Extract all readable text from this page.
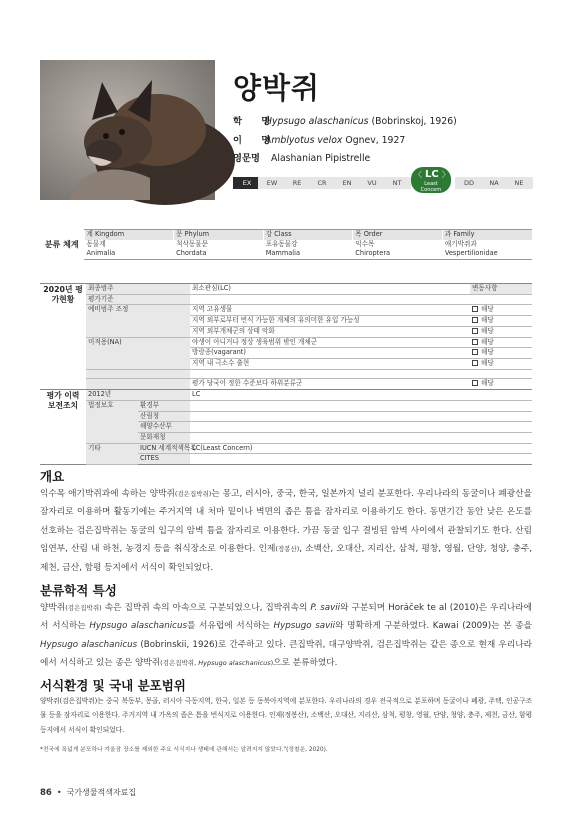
양박쥐
학 명
Hypsugo alaschanicus (Bobrinskoj, 1926)
이 명
Amblyotus velox Ognev, 1927
영문명	Alashanian Pipistrelle
EX	EW	RE	CR	EN	VU	NT
〈 LC 〉
Least
Concern
DD	NA	NE
분류 체계	계 Kingdom	문 Phylum	강 Class	목 Order	과 Family
	동물계	척삭동물문	포유동물강	익수목	애기박쥐과
	Animalia	Chordata	Mammalia	Chiroptera	Vespertilionidae
2020년 평가현황	최종범주		최소관심(LC)	변동사항
	평가기준			
	예비범주 조정		지역 고유생물	해당
			지역 외부로부터 번식 가능한 개체의 유의미한 유입 가능성	해당
			지역 외부개체군의 상태 악화	해당
	미적용(NA)		야생이 아니거나 정상 생육범위 밖인 개체군	해당
			방랑종(vagarant)	해당
			지역 내 극소수 출현	해당

			평가 당국이 정한 수준보다 하위분류군	해당
평가 이력 보전조치	2012년		LC	
	법정보호	환경부		
		산림청		
		해양수산부		
		문화재청		
	기타	IUCN 세계적색목록	LC(Least Concern)	
		CITES		
개요
익수목 애기박쥐과에 속하는 양박쥐(검은집박쥐)는 몽고, 러시아, 중국, 한국, 일본까지 널리 분포한다. 우리나라의 동굴이나 폐광산을 잠자리로 이용하며 활동기에는 주거지역 내 처마 밑이나 벽면의 좁은 틈을 잠자리로 이용하기도 한다. 동면기간 동안 낮은 온도를 선호하는 검은집박쥐는 동굴의 입구의 암벽 틈을 잠자리로 이용한다. 가끔 동굴 입구 결빙된 암벽 사이에서 관찰되기도 한다. 산림 임연부, 산림 내 하천, 농경지 등을 취식장소로 이용한다. 인제(정봉산), 소백산, 오대산, 지리산, 삼척, 평창, 영월, 단양, 청양, 충주, 제천, 금산, 함평 등지에서 서식이 확인되었다.
분류학적 특성
양박쥐(검은집박쥐) 속은 집박쥐 속의 아속으로 구분되었으나, 집박쥐속의 P. savii와 구분되며 Horáček te al (2010)은 우리나라에서 서식하는 Hypsugo alaschanicus를 서유럽에 서식하는 Hypsugo savii와 명확하게 구분하였다. Kawai (2009)는 본 종을 Hypsugo alaschanicus (Bobrinskii, 1926)로 간주하고 있다. 큰집박쥐, 대구양박쥐, 검은집박쥐는 같은 종으로 현재 우리나라에서 서식하고 있는 종은 양박쥐(검은집박쥐, Hypsugo alaschanicus)으로 분류하였다.
서식환경 및 국내 분포범위
양박쥐(검은집박쥐)는 중국 북동부, 몽골, 러시아 극동지역, 한국, 일본 등 동북아지역에 분포한다. 우리나라의 경우 전국적으로 분포하며 동굴이나 폐광, 주택, 인공구조물 등을 잠자리로 이용한다. 주거지역 내 가옥의 좁은 틈을 번식지로 이용한다. 인제(정봉산), 소백산, 오대산, 지리산, 삼척, 평창, 영월, 단양, 청양, 충주, 제천, 금산, 함평 등지에서 서식이 확인되었다.
*전국에 폭넓게 분포하나 겨울잠 장소를 제외한 주요 서식지나 생태에 관해서는 알려지지 않았다."(정철운, 2020).
86 • 국가생물적색자료집
